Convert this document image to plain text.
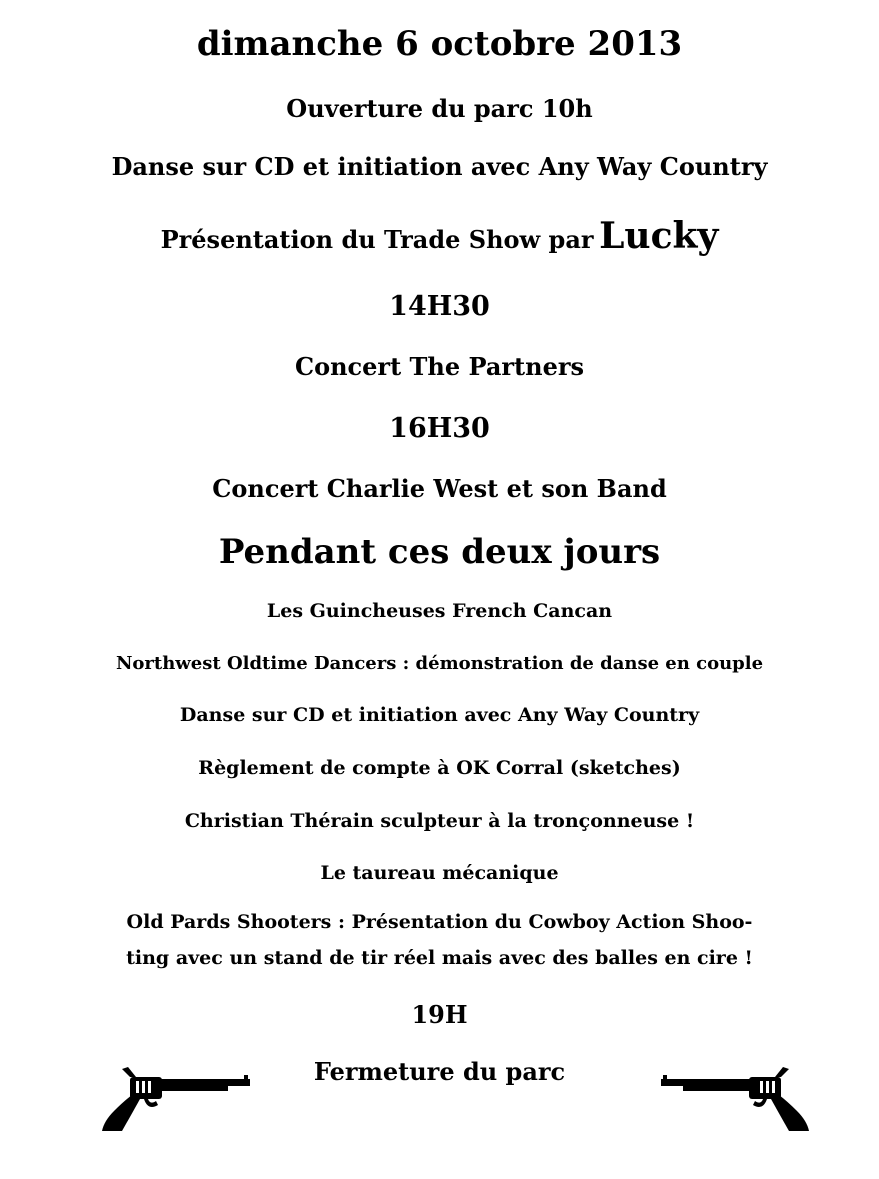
dimanche 6 octobre 2013
Ouverture du parc 10h
Danse sur CD et initiation avec Any Way Country
Présentation du Trade Show par Lucky
14H30
Concert The Partners
16H30
Concert Charlie West et son Band
Pendant ces deux jours
Les Guincheuses French Cancan
Northwest Oldtime Dancers : démonstration de danse en couple
Danse sur CD et initiation avec Any Way Country
Règlement de compte à OK Corral (sketches)
Christian Thérain sculpteur à la tronçonneuse !
Le taureau mécanique
Old Pards Shooters : Présentation du Cowboy Action Shoo-
ting avec un stand de tir réel mais avec des balles en cire !
19H
Fermeture du parc
